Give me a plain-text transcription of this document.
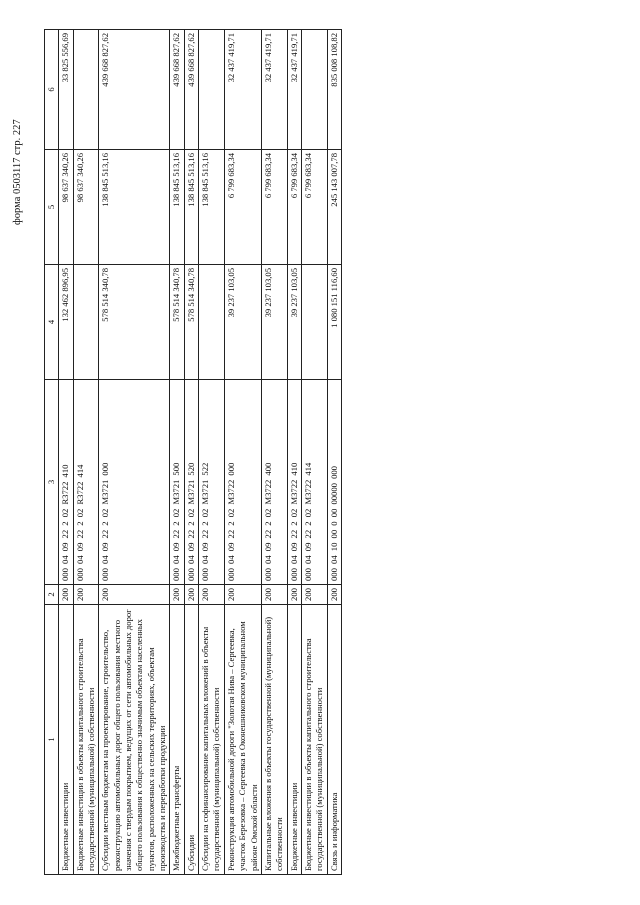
форма 0503117 стр. 227
1	2	3	4	5	6
Бюджетные инвестиции	200	000 04 09 22 2 02 R3722 410	132 462 896,95	98 637 340,26	33 825 556,69
Бюджетные инвестиции в объекты капитального строительства государственной (муниципальной) собственности	200	000 04 09 22 2 02 R3722 414		98 637 340,26	
Субсидии местным бюджетам на проектирование, строительство, реконструкцию автомобильных дорог общего пользования местного значения с твердым покрытием, ведущих от сети автомобильных дорог общего пользования к общественно значимым объектам населенных пунктов, расположенных на сельских территориях, объектам производства и переработки продукции	200	000 04 09 22 2 02 M3721 000	578 514 340,78	138 845 513,16	439 668 827,62
Межбюджетные трансферты	200	000 04 09 22 2 02 M3721 500	578 514 340,78	138 845 513,16	439 668 827,62
Субсидии	200	000 04 09 22 2 02 M3721 520	578 514 340,78	138 845 513,16	439 668 827,62
Субсидии на софинансирование капитальных вложений в объекты государственной (муниципальной) собственности	200	000 04 09 22 2 02 M3721 522		138 845 513,16	
Реконструкция автомобильной дороги "Золотая Нива – Сергеевка, участок Березовка – Сергеевка в Оконешниковском муниципальном районе Омской области	200	000 04 09 22 2 02 M3722 000	39 237 103,05	6 799 683,34	32 437 419,71
Капитальные вложения в объекты государственной (муниципальной) собственности	200	000 04 09 22 2 02 M3722 400	39 237 103,05	6 799 683,34	32 437 419,71
Бюджетные инвестиции	200	000 04 09 22 2 02 M3722 410	39 237 103,05	6 799 683,34	32 437 419,71
Бюджетные инвестиции в объекты капитального строительства государственной (муниципальной) собственности	200	000 04 09 22 2 02 M3722 414		6 799 683,34	
Связь и информатика	200	000 04 10 00 0 00 00000 000	1 080 151 116,60	245 143 007,78	835 008 108,82
